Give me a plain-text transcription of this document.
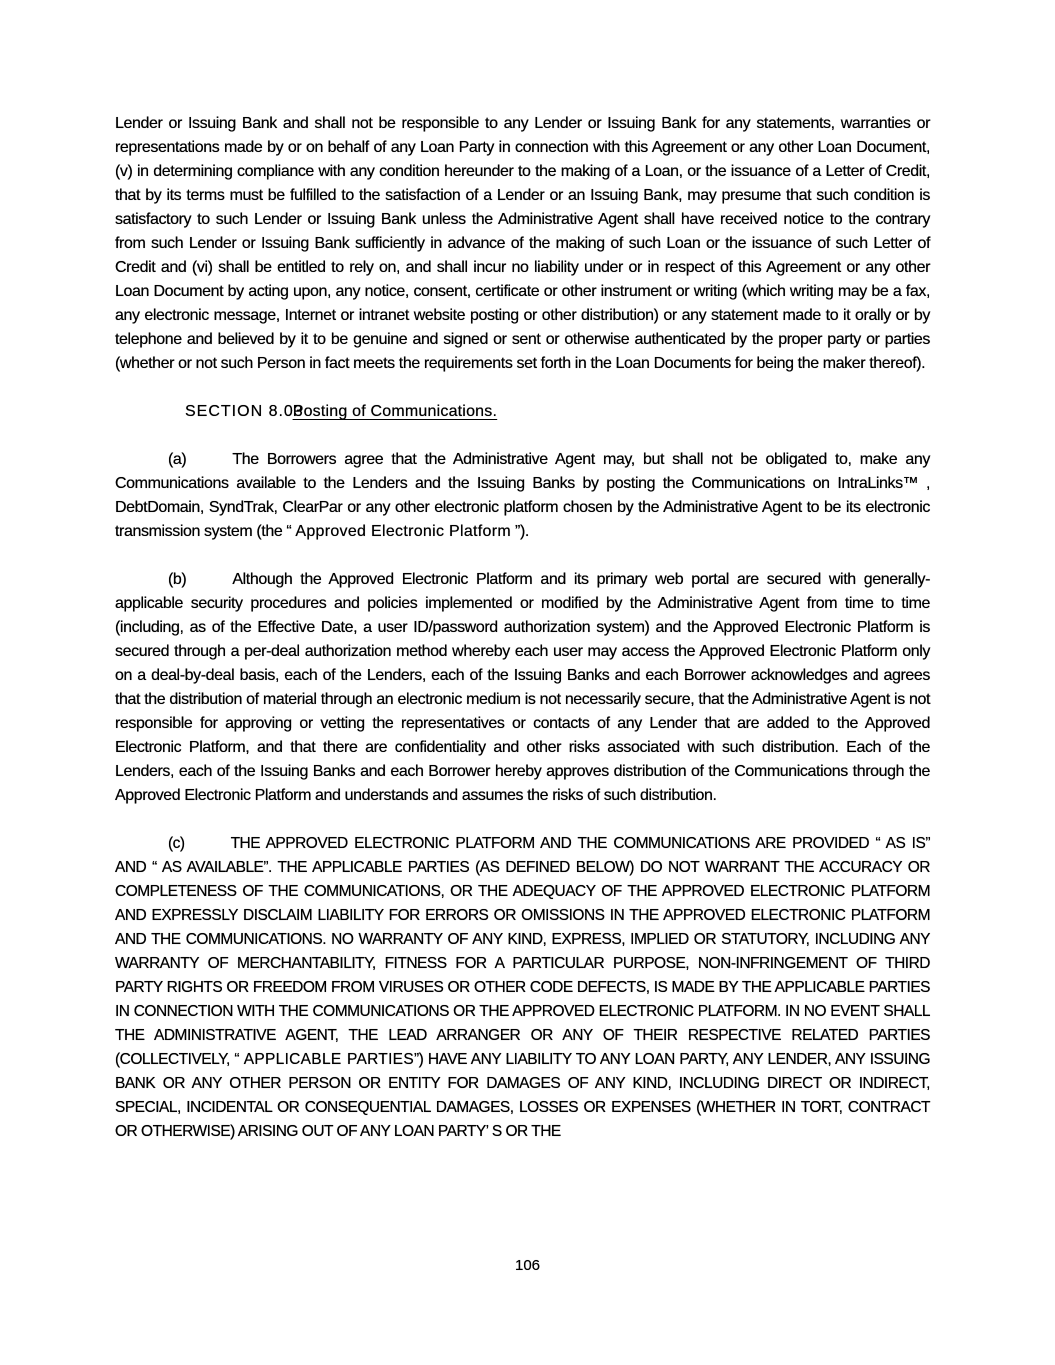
Lender or Issuing Bank and shall not be responsible to any Lender or Issuing Bank for any statements, warranties or representations made by or on behalf of any Loan Party in connection with this Agreement or any other Loan Document, (v) in determining compliance with any condition hereunder to the making of a Loan, or the issuance of a Letter of Credit, that by its terms must be fulfilled to the satisfaction of a Lender or an Issuing Bank, may presume that such condition is satisfactory to such Lender or Issuing Bank unless the Administrative Agent shall have received notice to the contrary from such Lender or Issuing Bank sufficiently in advance of the making of such Loan or the issuance of such Letter of Credit and (vi) shall be entitled to rely on, and shall incur no liability under or in respect of this Agreement or any other Loan Document by acting upon, any notice, consent, certificate or other instrument or writing (which writing may be a fax, any electronic message, Internet or intranet website posting or other distribution) or any statement made to it orally or by telephone and believed by it to be genuine and signed or sent or otherwise authenticated by the proper party or parties (whether or not such Person in fact meets the requirements set forth in the Loan Documents for being the maker thereof).

SECTION 8.03Posting of Communications.

(a)	The Borrowers agree that the Administrative Agent may, but shall not be obligated to, make any Communications available to the Lenders and the Issuing Banks by posting the Communications on IntraLinks™ , DebtDomain, SyndTrak, ClearPar or any other electronic platform chosen by the Administrative Agent to be its electronic transmission system (the “ Approved Electronic Platform ”).

(b)	Although the Approved Electronic Platform and its primary web portal are secured with generally-applicable security procedures and policies implemented or modified by the Administrative Agent from time to time (including, as of the Effective Date, a user ID/password authorization system) and the Approved Electronic Platform is secured through a per-deal authorization method whereby each user may access the Approved Electronic Platform only on a deal-by-deal basis, each of the Lenders, each of the Issuing Banks and each Borrower acknowledges and agrees that the distribution of material through an electronic medium is not necessarily secure, that the Administrative Agent is not responsible for approving or vetting the representatives or contacts of any Lender that are added to the Approved Electronic Platform, and that there are confidentiality and other risks associated with such distribution. Each of the Lenders, each of the Issuing Banks and each Borrower hereby approves distribution of the Communications through the Approved Electronic Platform and understands and assumes the risks of such distribution.

(c)	THE APPROVED ELECTRONIC PLATFORM AND THE COMMUNICATIONS ARE PROVIDED “ AS IS” AND “ AS AVAILABLE”. THE APPLICABLE PARTIES (AS DEFINED BELOW) DO NOT WARRANT THE ACCURACY OR COMPLETENESS OF THE COMMUNICATIONS, OR THE ADEQUACY OF THE APPROVED ELECTRONIC PLATFORM AND EXPRESSLY DISCLAIM LIABILITY FOR ERRORS OR OMISSIONS IN THE APPROVED ELECTRONIC PLATFORM AND THE COMMUNICATIONS. NO WARRANTY OF ANY KIND, EXPRESS, IMPLIED OR STATUTORY, INCLUDING ANY WARRANTY OF MERCHANTABILITY, FITNESS FOR A PARTICULAR PURPOSE, NON-INFRINGEMENT OF THIRD PARTY RIGHTS OR FREEDOM FROM VIRUSES OR OTHER CODE DEFECTS, IS MADE BY THE APPLICABLE PARTIES IN CONNECTION WITH THE COMMUNICATIONS OR THE APPROVED ELECTRONIC PLATFORM. IN NO EVENT SHALL THE ADMINISTRATIVE AGENT, THE LEAD ARRANGER OR ANY OF THEIR RESPECTIVE RELATED PARTIES (COLLECTIVELY, “ APPLICABLE PARTIES”) HAVE ANY LIABILITY TO ANY LOAN PARTY, ANY LENDER, ANY ISSUING BANK OR ANY OTHER PERSON OR ENTITY FOR DAMAGES OF ANY KIND, INCLUDING DIRECT OR INDIRECT, SPECIAL, INCIDENTAL OR CONSEQUENTIAL DAMAGES, LOSSES OR EXPENSES (WHETHER IN TORT, CONTRACT OR OTHERWISE) ARISING OUT OF ANY LOAN PARTY’ S OR THE

106
